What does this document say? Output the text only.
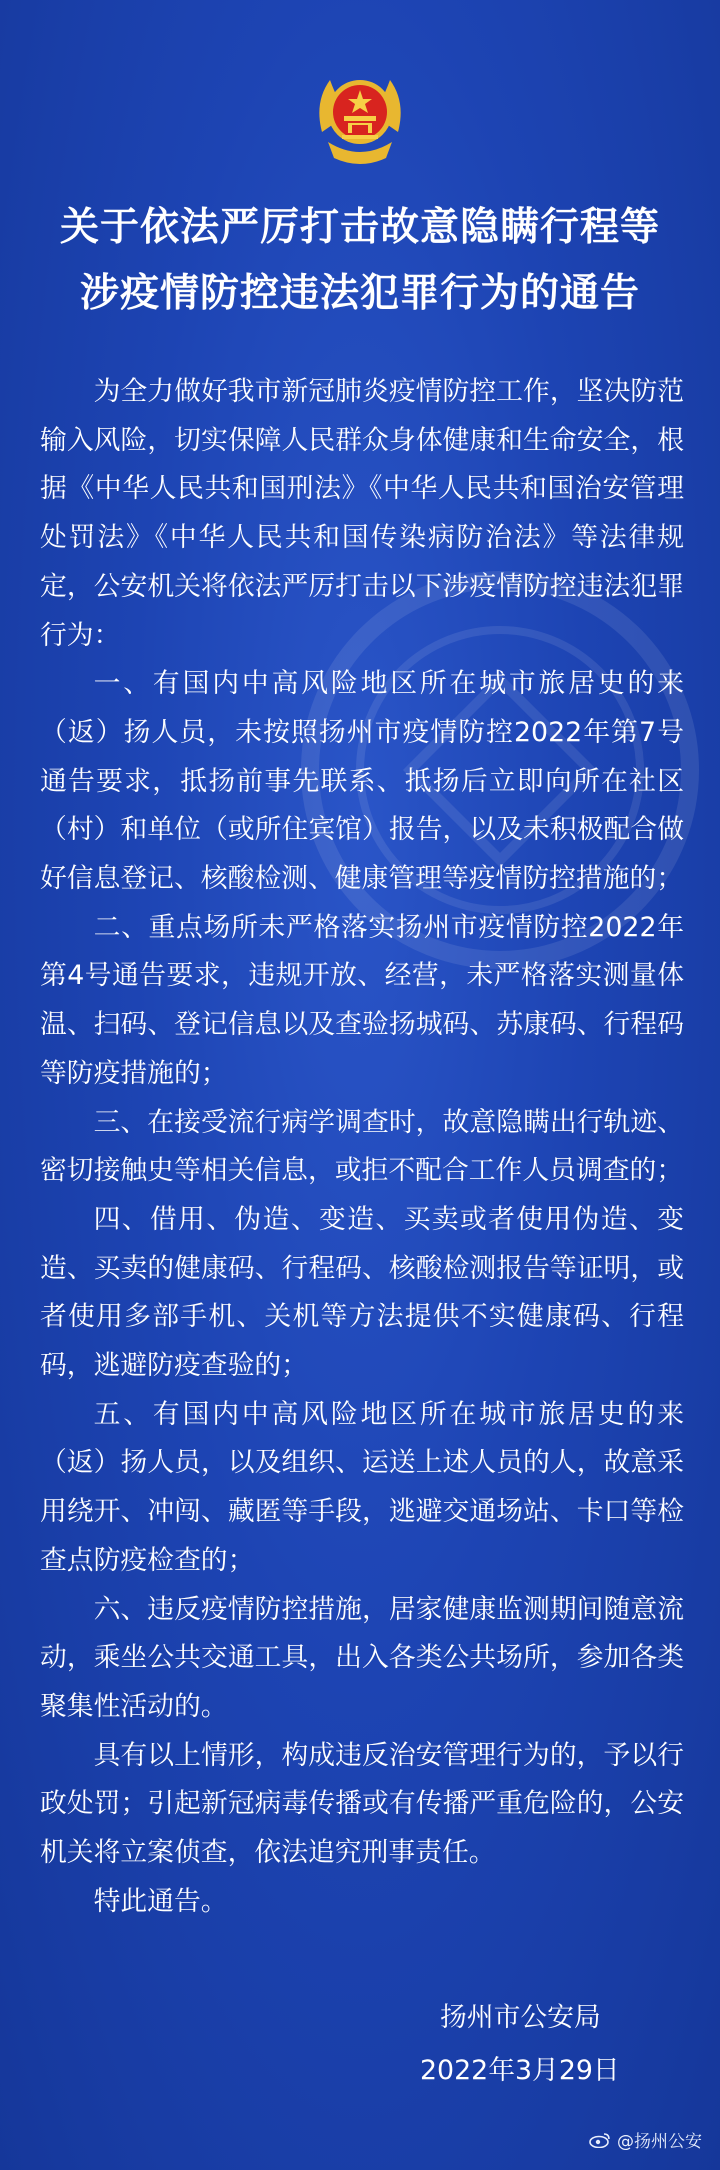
关于依法严厉打击故意隐瞒行程等
涉疫情防控违法犯罪行为的通告

为全力做好我市新冠肺炎疫情防控工作，坚决防范输入风险，切实保障人民群众身体健康和生命安全，根据《中华人民共和国刑法》《中华人民共和国治安管理处罚法》《中华人民共和国传染病防治法》等法律规定，公安机关将依法严厉打击以下涉疫情防控违法犯罪行为：

一、有国内中高风险地区所在城市旅居史的来（返）扬人员，未按照扬州市疫情防控2022年第7号通告要求，抵扬前事先联系、抵扬后立即向所在社区（村）和单位（或所住宾馆）报告，以及未积极配合做好信息登记、核酸检测、健康管理等疫情防控措施的；

二、重点场所未严格落实扬州市疫情防控2022年第4号通告要求，违规开放、经营，未严格落实测量体温、扫码、登记信息以及查验扬城码、苏康码、行程码等防疫措施的；

三、在接受流行病学调查时，故意隐瞒出行轨迹、密切接触史等相关信息，或拒不配合工作人员调查的；

四、借用、伪造、变造、买卖或者使用伪造、变造、买卖的健康码、行程码、核酸检测报告等证明，或者使用多部手机、关机等方法提供不实健康码、行程码，逃避防疫查验的；

五、有国内中高风险地区所在城市旅居史的来（返）扬人员，以及组织、运送上述人员的人，故意采用绕开、冲闯、藏匿等手段，逃避交通场站、卡口等检查点防疫检查的；

六、违反疫情防控措施，居家健康监测期间随意流动，乘坐公共交通工具，出入各类公共场所，参加各类聚集性活动的。

具有以上情形，构成违反治安管理行为的，予以行政处罚；引起新冠病毒传播或有传播严重危险的，公安机关将立案侦查，依法追究刑事责任。

特此通告。

扬州市公安局
2022年3月29日
@扬州公安
